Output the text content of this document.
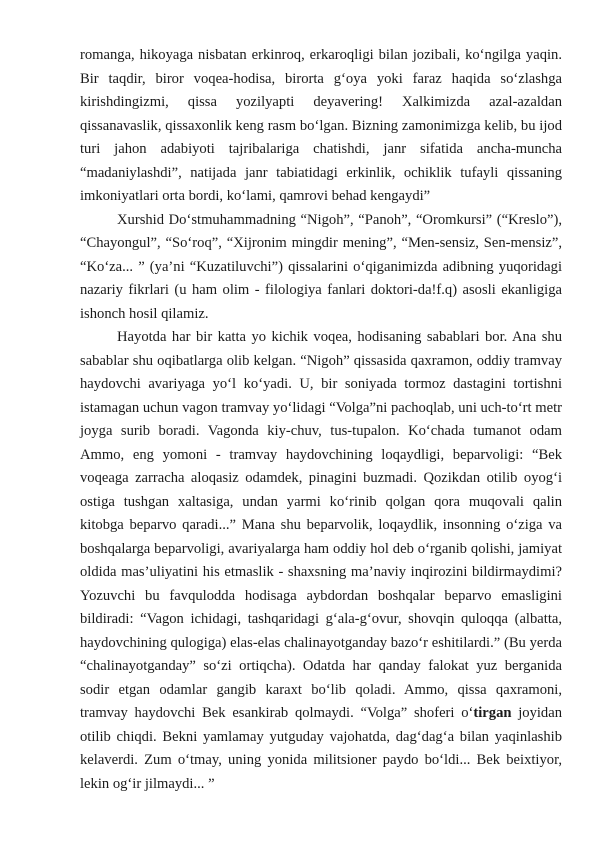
romanga, hikoyaga nisbatan erkinroq, erkaroqligi bilan jozibali, ko‘ngilga yaqin. Bir taqdir, biror voqea-hodisa, birorta g‘oya yoki faraz haqida so‘zlashga kirishdingizmi, qissa yozilyapti deyavering! Xalkimizda azal-azaldan qissanavaslik, qissaxonlik keng rasm bo‘lgan. Bizning zamonimizga kelib, bu ijod turi jahon adabiyoti tajribalariga chatishdi, janr sifatida ancha-muncha “madaniylashdi”, natijada janr tabiatidagi erkinlik, ochiklik tufayli qissaning imkoniyatlari orta bordi, ko‘lami, qamrovi behad kengaydi”

Xurshid Do‘stmuhammadning “Nigoh”, “Panoh”, “Oromkursi” (“Kreslo”), “Chayongul”, “So‘roq”, “Xijronim mingdir mening”, “Men-sensiz, Sen-mensiz”, “Ko‘za... ” (ya’ni “Kuzatiluvchi”) qissalarini o‘qiganimizda adibning yuqoridagi nazariy fikrlari (u ham olim - filologiya fanlari doktori-da!f.q) asosli ekanligiga ishonch hosil qilamiz.

Hayotda har bir katta yo kichik voqea, hodisaning sabablari bor. Ana shu sabablar shu oqibatlarga olib kelgan. “Nigoh” qissasida qaxramon, oddiy tramvay haydovchi avariyaga yo‘l ko‘yadi. U, bir soniyada tormoz dastagini tortishni istamagan uchun vagon tramvay yo‘lidagi “Volga”ni pachoqlab, uni uch-to‘rt metr joyga surib boradi. Vagonda kiy-chuv, tus-tupalon. Ko‘chada tumanot odam Ammo, eng yomoni - tramvay haydovchining loqaydligi, beparvoligi: “Bek voqeaga zarracha aloqasiz odamdek, pinagini buzmadi. Qozikdan otilib oyog‘i ostiga tushgan xaltasiga, undan yarmi ko‘rinib qolgan qora muqovali qalin kitobga beparvo qaradi...” Mana shu beparvolik, loqaydlik, insonning o‘ziga va boshqalarga beparvoligi, avariyalarga ham oddiy hol deb o‘rganib qolishi, jamiyat oldida mas’uliyatini his etmaslik - shaxsning ma’naviy inqirozini bildirmaydimi? Yozuvchi bu favqulodda hodisaga aybdordan boshqalar beparvo emasligini bildiradi: “Vagon ichidagi, tashqaridagi g‘ala-g‘ovur, shovqin quloqqa (albatta, haydovchining qulogiga) elas-elas chalinayotganday bazo‘r eshitilardi.” (Bu yerda “chalinayotganday” so‘zi ortiqcha). Odatda har qanday falokat yuz berganida sodir etgan odamlar gangib karaxt bo‘lib qoladi. Ammo, qissa qaxramoni, tramvay haydovchi Bek esankirab qolmaydi. “Volga” shoferi o‘tirgan joyidan otilib chiqdi. Bekni yamlamay yutguday vajohatda, dag‘dag‘a bilan yaqinlashib kelaverdi. Zum o‘tmay, uning yonida militsioner paydo bo‘ldi... Bek beixtiyor, lekin og‘ir jilmaydi... ”
